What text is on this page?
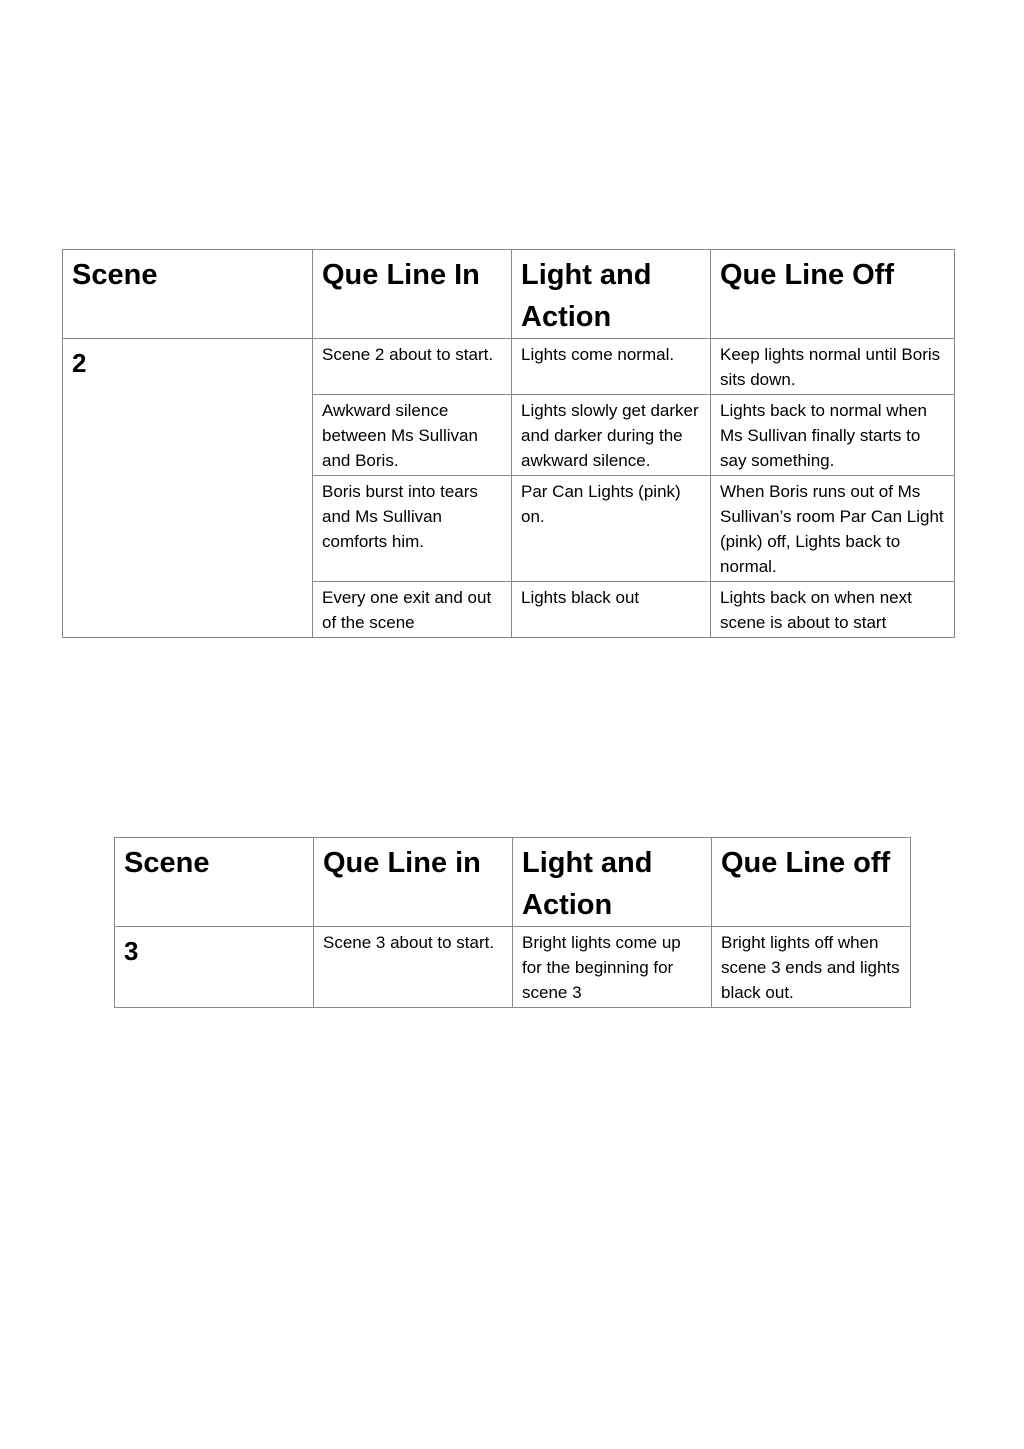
Scene	Que Line In	Light and Action	Que Line Off
2	Scene 2 about to start.	Lights come normal.	Keep lights normal until Boris sits down.
	Awkward silence between Ms Sullivan and Boris.	Lights slowly get darker and darker during the awkward silence.	Lights back to normal when Ms Sullivan finally starts to say something.
	Boris burst into tears and Ms Sullivan comforts him.	Par Can Lights (pink) on.	When Boris runs out of Ms Sullivan’s room Par Can Light (pink) off, Lights back to normal.
	Every one exit and out of the scene	Lights black out	Lights back on when next scene is about to start
Scene	Que Line in	Light and Action	Que Line off
3	Scene 3 about to start.	Bright lights come up for the beginning for scene 3	Bright lights off when scene 3 ends and lights black out.
